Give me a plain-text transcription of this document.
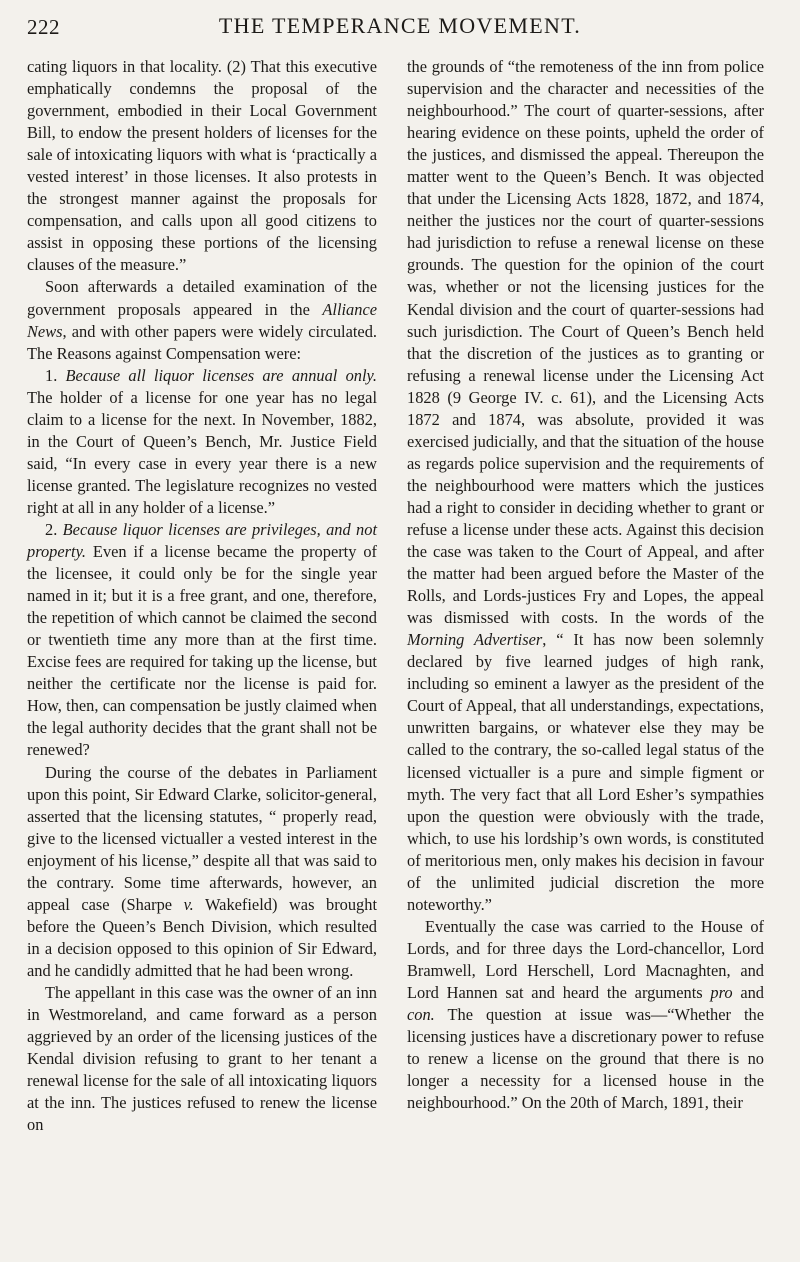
222	THE TEMPERANCE MOVEMENT.

cating liquors in that locality. (2) That this executive emphatically condemns the proposal of the government, embodied in their Local Government Bill, to endow the present holders of licenses for the sale of intoxicating liquors with what is ‘practically a vested interest’ in those licenses. It also protests in the strongest manner against the proposals for compensation, and calls upon all good citizens to assist in opposing these portions of the licensing clauses of the measure.”

Soon afterwards a detailed examination of the government proposals appeared in the Alliance News, and with other papers were widely circulated. The Reasons against Compensation were:

1. Because all liquor licenses are annual only. The holder of a license for one year has no legal claim to a license for the next. In November, 1882, in the Court of Queen’s Bench, Mr. Justice Field said, “In every case in every year there is a new license granted. The legislature recognizes no vested right at all in any holder of a license.”

2. Because liquor licenses are privileges, and not property. Even if a license became the property of the licensee, it could only be for the single year named in it; but it is a free grant, and one, therefore, the repetition of which cannot be claimed the second or twentieth time any more than at the first time. Excise fees are required for taking up the license, but neither the certificate nor the license is paid for. How, then, can compensation be justly claimed when the legal authority decides that the grant shall not be renewed?

During the course of the debates in Parliament upon this point, Sir Edward Clarke, solicitor-general, asserted that the licensing statutes, “ properly read, give to the licensed victualler a vested interest in the enjoyment of his license,” despite all that was said to the contrary. Some time afterwards, however, an appeal case (Sharpe v. Wakefield) was brought before the Queen’s Bench Division, which resulted in a decision opposed to this opinion of Sir Edward, and he candidly admitted that he had been wrong.

The appellant in this case was the owner of an inn in Westmoreland, and came forward as a person aggrieved by an order of the licensing justices of the Kendal division refusing to grant to her tenant a renewal license for the sale of all intoxicating liquors at the inn. The justices refused to renew the license on

the grounds of “the remoteness of the inn from police supervision and the character and necessities of the neighbourhood.” The court of quarter-sessions, after hearing evidence on these points, upheld the order of the justices, and dismissed the appeal. Thereupon the matter went to the Queen’s Bench. It was objected that under the Licensing Acts 1828, 1872, and 1874, neither the justices nor the court of quarter-sessions had jurisdiction to refuse a renewal license on these grounds. The question for the opinion of the court was, whether or not the licensing justices for the Kendal division and the court of quarter-sessions had such jurisdiction. The Court of Queen’s Bench held that the discretion of the justices as to granting or refusing a renewal license under the Licensing Act 1828 (9 George IV. c. 61), and the Licensing Acts 1872 and 1874, was absolute, provided it was exercised judicially, and that the situation of the house as regards police supervision and the requirements of the neighbourhood were matters which the justices had a right to consider in deciding whether to grant or refuse a license under these acts. Against this decision the case was taken to the Court of Appeal, and after the matter had been argued before the Master of the Rolls, and Lords-justices Fry and Lopes, the appeal was dismissed with costs. In the words of the Morning Advertiser, “ It has now been solemnly declared by five learned judges of high rank, including so eminent a lawyer as the president of the Court of Appeal, that all understandings, expectations, unwritten bargains, or whatever else they may be called to the contrary, the so-called legal status of the licensed victualler is a pure and simple figment or myth. The very fact that all Lord Esher’s sympathies upon the question were obviously with the trade, which, to use his lordship’s own words, is constituted of meritorious men, only makes his decision in favour of the unlimited judicial discretion the more noteworthy.”

Eventually the case was carried to the House of Lords, and for three days the Lord-chancellor, Lord Bramwell, Lord Herschell, Lord Macnaghten, and Lord Hannen sat and heard the arguments pro and con. The question at issue was—“Whether the licensing justices have a discretionary power to refuse to renew a license on the ground that there is no longer a necessity for a licensed house in the neighbourhood.” On the 20th of March, 1891, their
